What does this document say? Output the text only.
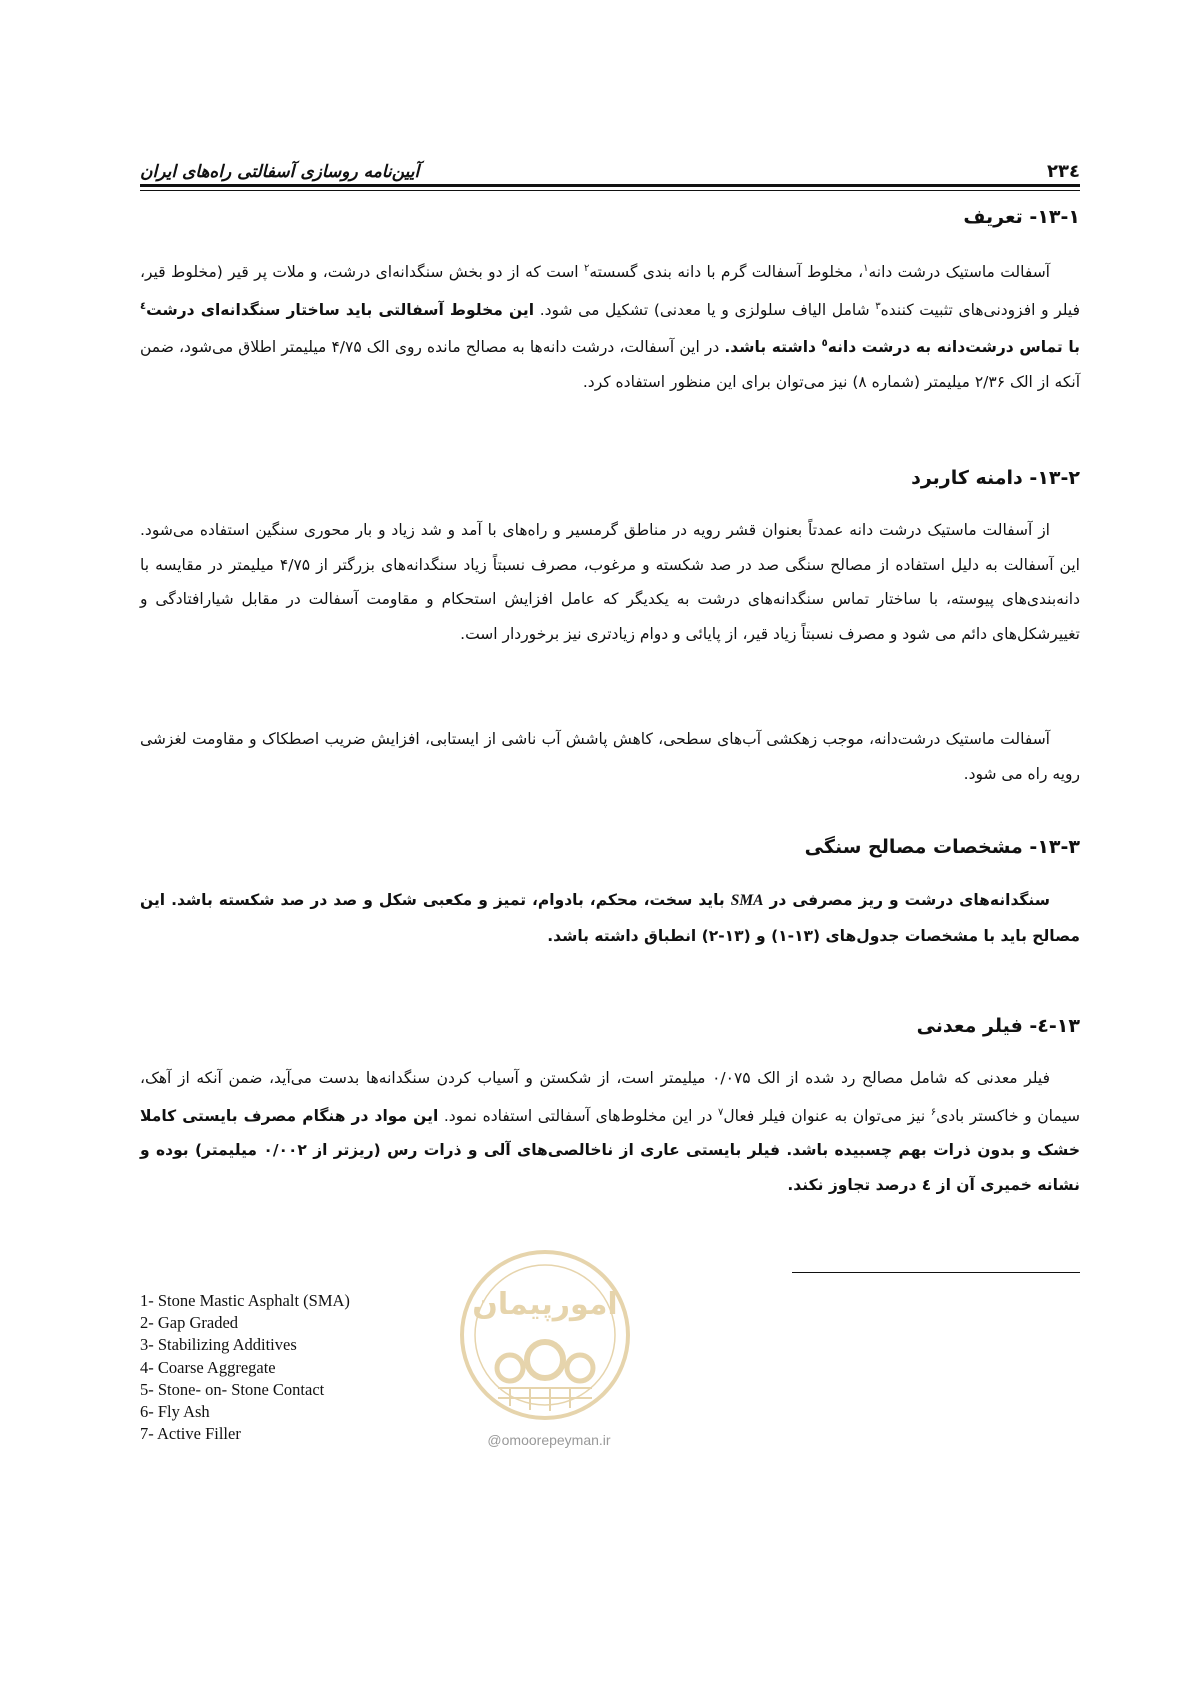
آیین‌نامه روسازی آسفالتی راه‌های ایران	۲۳٤
۱۳-۱- تعریف
آسفالت ماستیک درشت دانه$^۱$، مخلوط آسفالت گرم با دانه بندی گسسته$^۲$ است که از دو بخش سنگدانه‌ای درشت، و ملات پر قیر (مخلوط قیر، فیلر و افزودنی‌های تثبیت کننده$^۳$ شامل الیاف سلولزی و یا معدنی) تشکیل می شود. این مخلوط آسفالتی باید ساختار سنگدانه‌ای درشت$^٤$ با تماس درشت‌دانه به درشت دانه$^٥$ داشته باشد. در این آسفالت، درشت دانه‌ها به مصالح مانده روی الک ۴/۷۵ میلیمتر اطلاق می‌شود، ضمن آنکه از الک ۲/۳۶ میلیمتر (شماره ۸) نیز می‌توان برای این منظور استفاده کرد.
۱۳-۲- دامنه کاربرد
از آسفالت ماستیک درشت دانه عمدتاً بعنوان قشر رویه در مناطق گرمسیر و راه‌های با آمد و شد زیاد و بار محوری سنگین استفاده می‌شود. این آسفالت به دلیل استفاده از مصالح سنگی صد در صد شکسته و مرغوب، مصرف نسبتاً زیاد سنگدانه‌های بزرگتر از ۴/۷۵ میلیمتر در مقایسه با دانه‌بندی‌های پیوسته، با ساختار تماس سنگدانه‌های درشت به یکدیگر که عامل افزایش استحکام و مقاومت آسفالت در مقابل شیارافتادگی و تغییرشکل‌های دائم می شود و مصرف نسبتاً زیاد قیر، از پایائی و دوام زیادتری نیز برخوردار است.
آسفالت ماستیک درشت‌دانه، موجب زهکشی آب‌های سطحی، کاهش پاشش آب ناشی از ایستابی، افزایش ضریب اصطکاک و مقاومت لغزشی رویه راه می شود.
۱۳-۳- مشخصات مصالح سنگی
سنگدانه‌های درشت و ریز مصرفی در SMA باید سخت، محکم، بادوام، تمیز و مکعبی شکل و صد در صد شکسته باشد. این مصالح باید با مشخصات جدول‌های (۱۳-۱) و (۱۳-۲) انطباق داشته باشد.
۱۳-٤- فیلر معدنی
فیلر معدنی که شامل مصالح رد شده از الک ۰/۰۷۵ میلیمتر است، از شکستن و آسیاب کردن سنگدانه‌ها بدست می‌آید، ضمن آنکه از آهک، سیمان و خاکستر بادی$^۶$ نیز می‌توان به عنوان فیلر فعال$^۷$ در این مخلوط‌های آسفالتی استفاده نمود. این مواد در هنگام مصرف بایستی کاملا خشک و بدون ذرات بهم چسبیده باشد. فیلر بایستی عاری از ناخالصی‌های آلی و ذرات رس (ریزتر از ۰/۰۰۲ میلیمتر) بوده و نشانه خمیری آن از ٤ درصد تجاوز نکند.
امورپیمان
@omoorepeyman.ir
1- Stone Mastic Asphalt (SMA)
2- Gap Graded
3- Stabilizing Additives
4- Coarse Aggregate
5- Stone- on- Stone Contact
6- Fly Ash
7- Active Filler
